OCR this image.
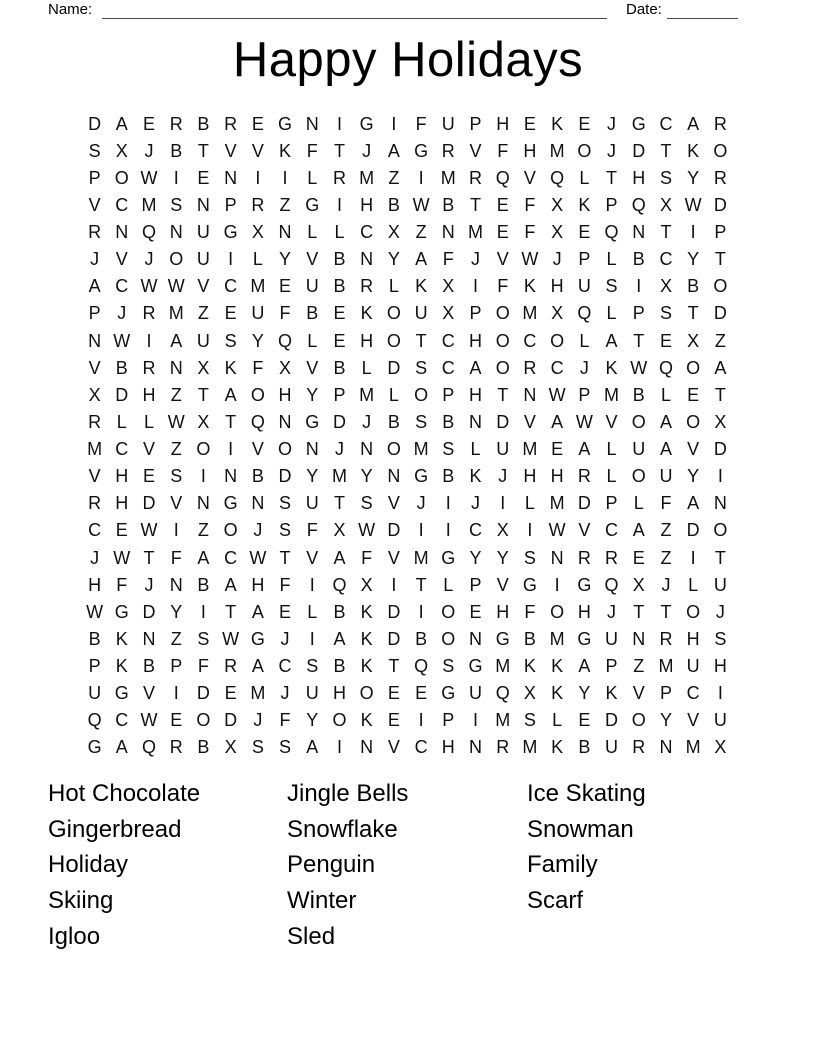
Name:	Date:
Happy Holidays
D A E R B R E G N	I G I	F U P H E K E J G C A R
S X J B T V V K F T J A G R V F H M O J D T K O
P O W I	E N	I	I	L R M Z	I M R Q V Q L T H S Y R
V C M S N P R Z G I	H B W B T E F X K P Q X W D
R N Q N U G X N L L C X Z N M E F X E Q N T	I	P
J V J O U	I	L Y V B N Y A F J V W J P L B C Y T
A C W W V C M E U B R L K X	I	F K H U S	I	X B O
P J R M Z E U F B E K O U X P O M X Q L P S T D
N W I	A U S Y Q L E H O T C H O C O L A T E X Z
V B R N X K F X V B L D S C A O R C J K W Q O A
X D H Z T A O H Y P M L O P H T N W P M B L E T
R L L W X T Q N G D J B S B N D V A W V O A O X
M C V Z O I	V O N J N O M S L U M E A L U A V D
V H E S	I	N B D Y M Y N G B K J H H R L O U Y	I
R H D V N G N S U T S V J	I	J	I	L M D P L F A N
C E W I	Z O J S F X W D	I	I	C X	I W V C A Z D O
J W T F A C W T V A F V M G Y Y S N R R E Z	I	T
H F J N B A H F	I Q X	I	T L P V G I G Q X J L U
W G D Y	I	T A E L B K D	I O E H F O H J T T O J
B K N Z S W G J	I	A K D B O N G B M G U N R H S
P K B P F R A C S B K T Q S G M K K A P Z M U H
U G V	I	D E M J U H O E E G U Q X K Y K V P C	I
Q C W E O D J F Y O K E	I	P	I M S L E D O Y V U
G A Q R B X S S A	I	N V C H N R M K B U R N M X
Hot Chocolate
Gingerbread
Holiday
Skiing
Igloo
Jingle Bells
Snowflake
Penguin
Winter
Sled
Ice Skating
Snowman
Family
Scarf
